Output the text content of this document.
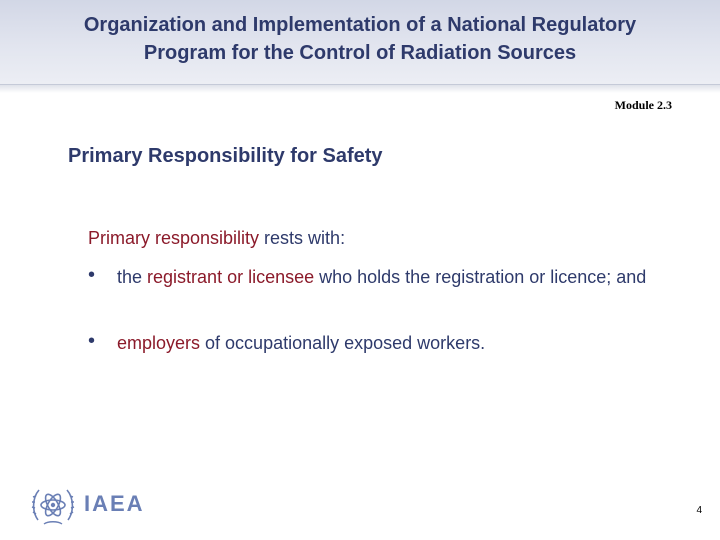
Organization and Implementation of a National Regulatory
Program for the Control of Radiation Sources
Module 2.3
Primary Responsibility for Safety
Primary responsibility rests with:
• the registrant or licensee who holds the registration or licence; and
• employers of occupationally exposed workers.
IAEA	4
